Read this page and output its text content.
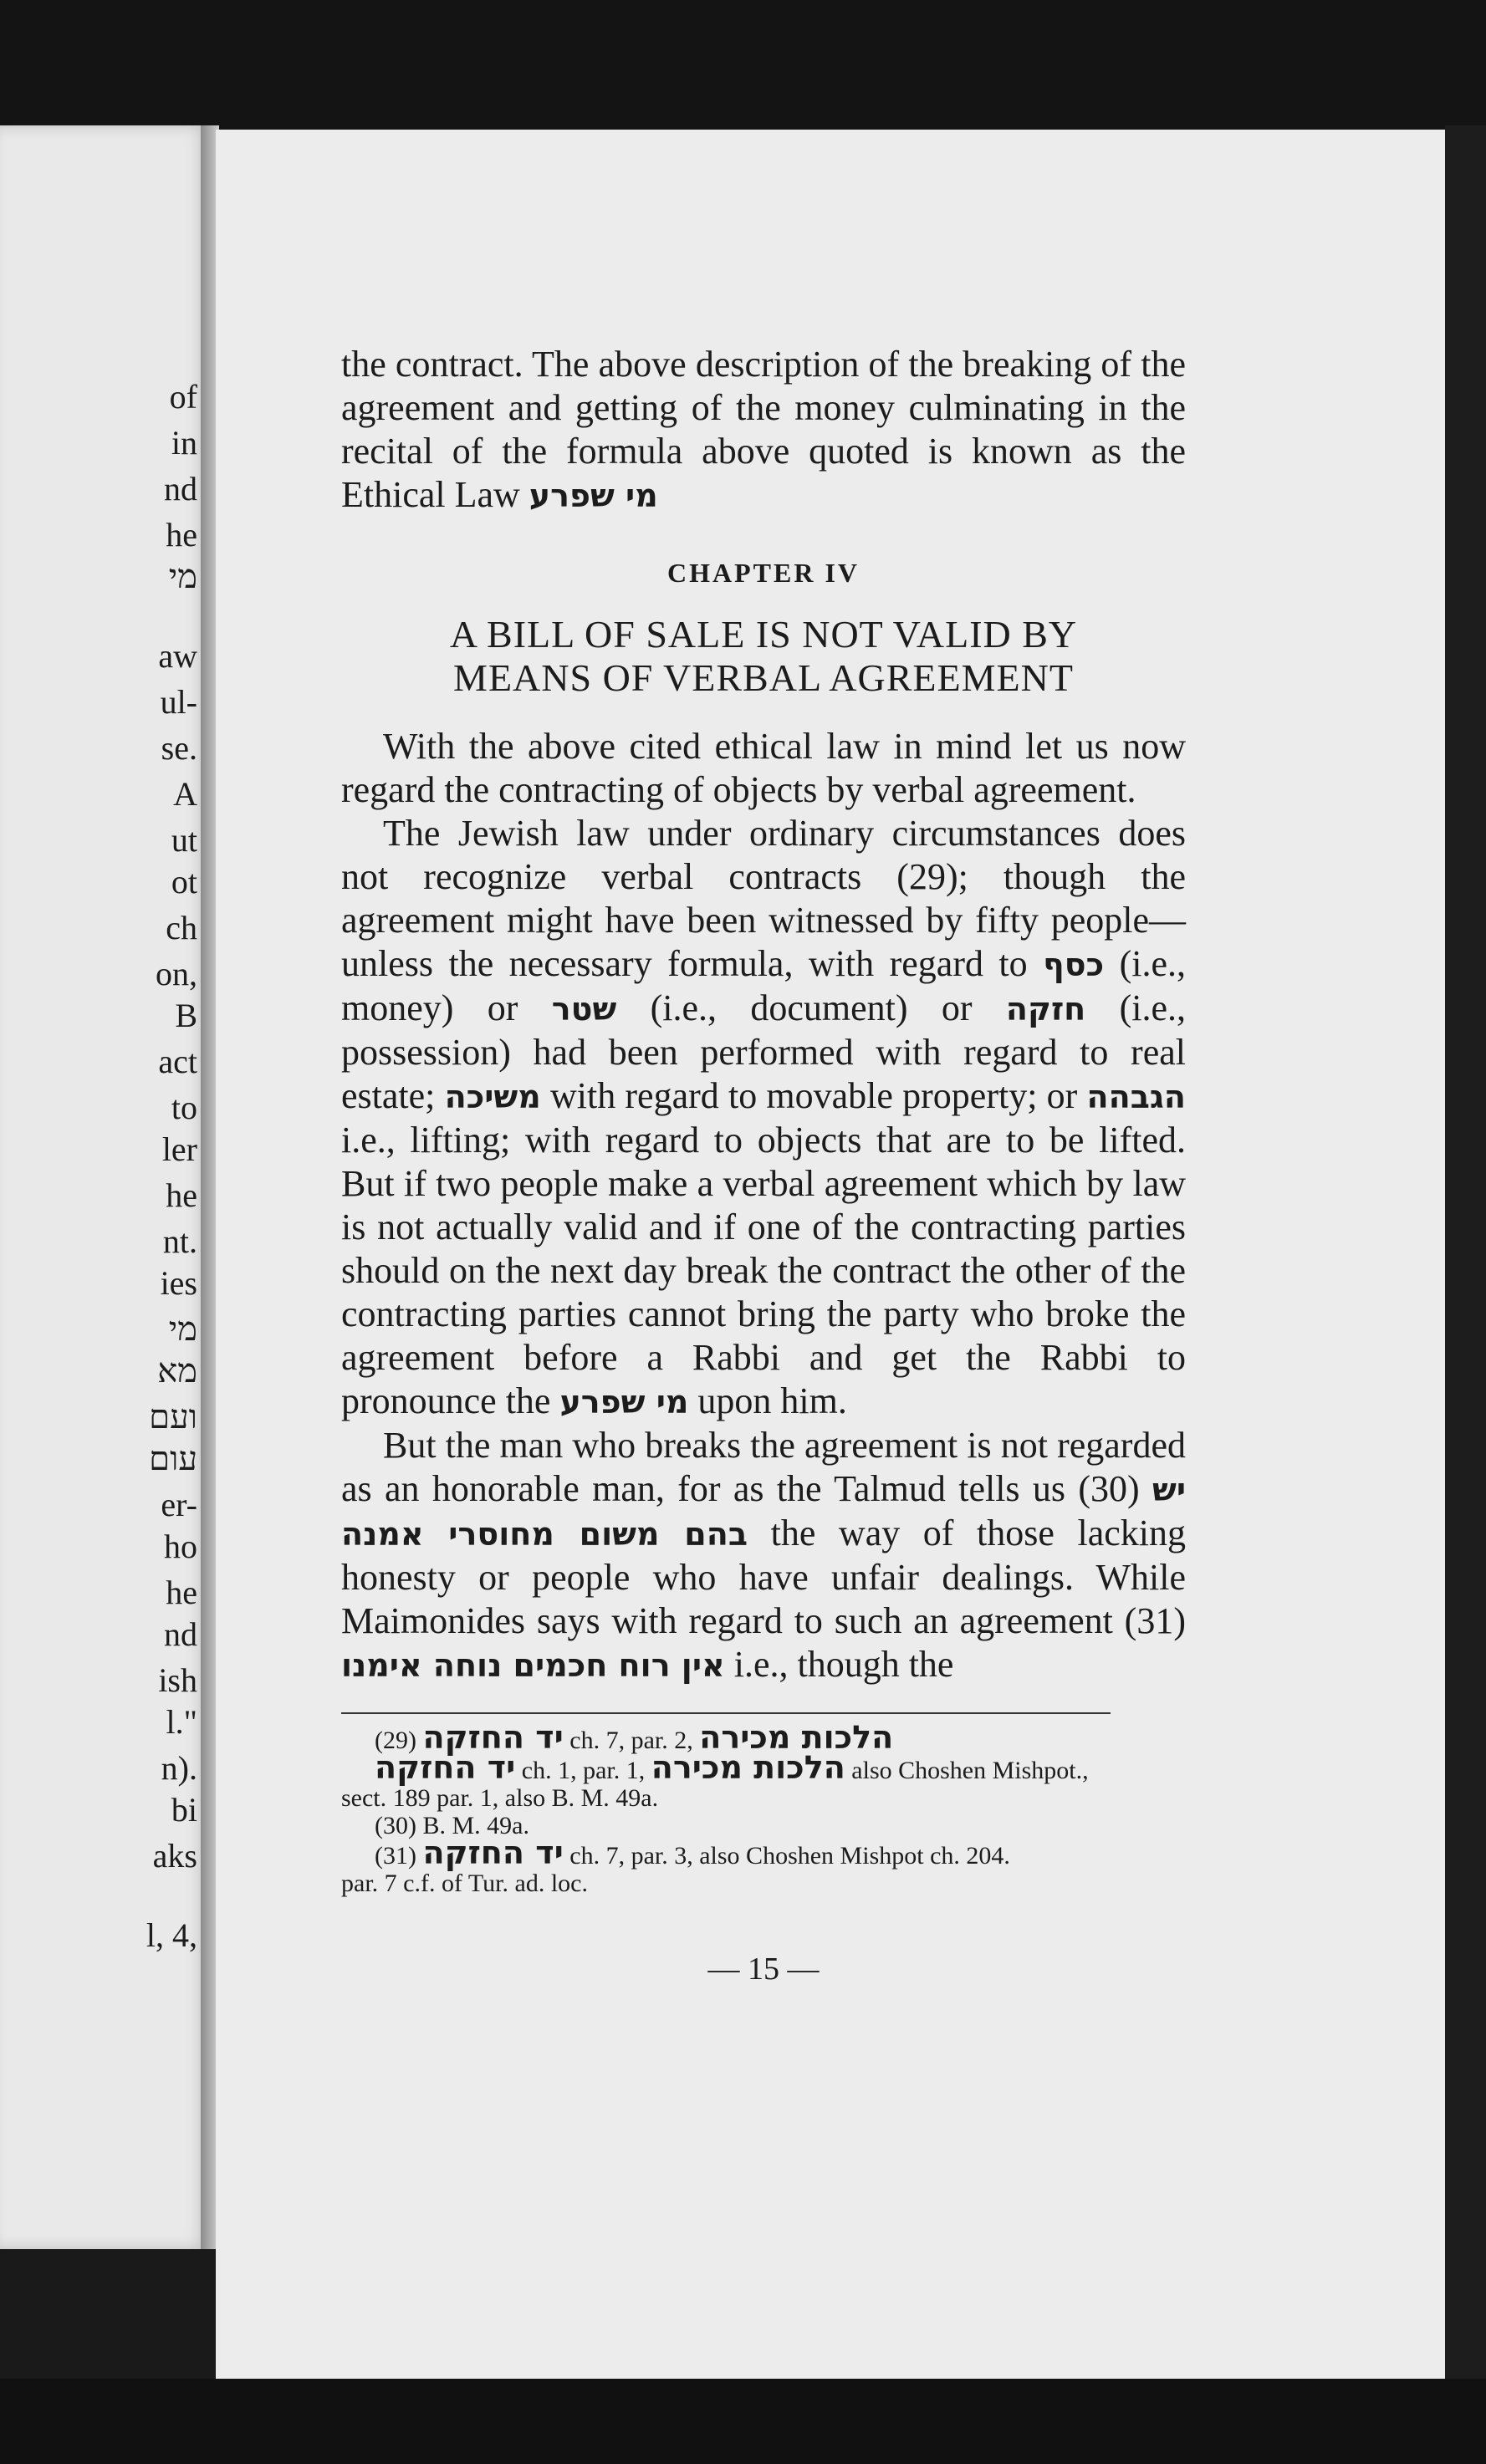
of
in
nd
he
מי
aw
ul-
se.
A
ut
ot
ch
on,
B
act
to
ler
he
nt.
ies
מי
מא
ועם
עום
er-
ho
he
nd
ish
l."
n).
bi
aks
l, 4,

the contract. The above description of the breaking of the agreement and getting of the money culminating in the recital of the formula above quoted is known as the Ethical Law מי שפרע

CHAPTER IV
A BILL OF SALE IS NOT VALID BY
MEANS OF VERBAL AGREEMENT

With the above cited ethical law in mind let us now regard the contracting of objects by verbal agreement.

The Jewish law under ordinary circumstances does not recognize verbal contracts (29); though the agreement might have been witnessed by fifty people—unless the necessary formula, with regard to כסף (i.e., money) or שטר (i.e., document) or חזקה (i.e., possession) had been performed with regard to real estate; משיכה with regard to movable property; or הגבהה i.e., lifting; with regard to objects that are to be lifted. But if two people make a verbal agreement which by law is not actually valid and if one of the contracting parties should on the next day break the contract the other of the contracting parties cannot bring the party who broke the agreement before a Rabbi and get the Rabbi to pronounce the מי שפרע upon him.

But the man who breaks the agreement is not regarded as an honorable man, for as the Talmud tells us (30) יש בהם משום מחוסרי אמנה the way of those lacking honesty or people who have unfair dealings. While Maimonides says with regard to such an agreement (31) אין רוח חכמים נוחה אימנו i.e., though the

(29) יד החזקה ch. 7, par. 2, הלכות מכירה

יד החזקה ch. 1, par. 1, הלכות מכירה also Choshen Mishpot.,

sect. 189 par. 1, also B. M. 49a.

(30) B. M. 49a.

(31) יד החזקה ch. 7, par. 3, also Choshen Mishpot ch. 204.

par. 7 c.f. of Tur. ad. loc.

— 15 —
